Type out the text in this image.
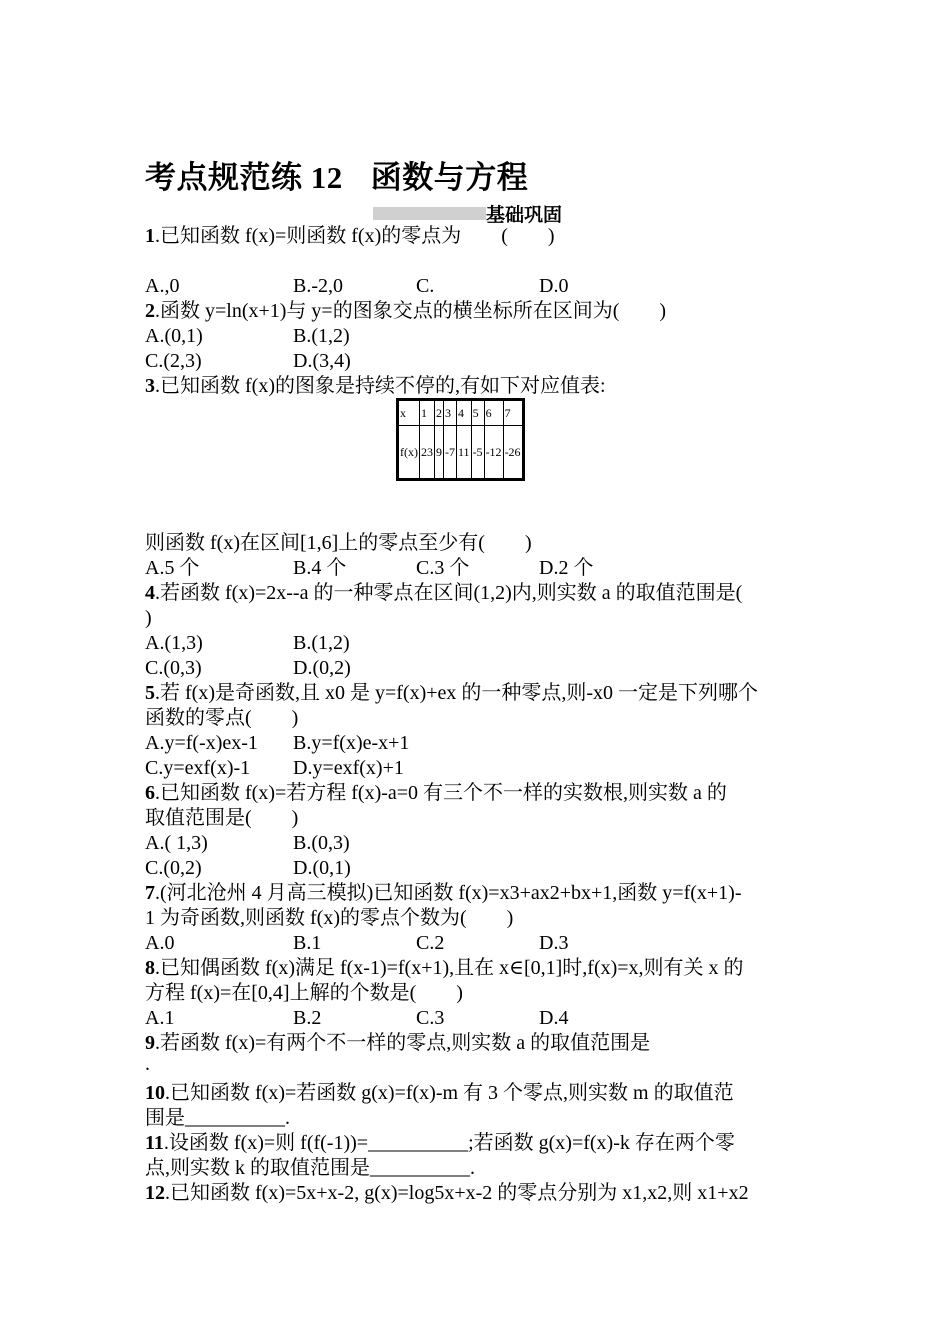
考点规范练 12 函数与方程
基础巩固
1.已知函数 f(x)=则函数 f(x)的零点为　　(　　)
A.,0	B.-2,0	C.	D.0
2.函数 y=ln(x+1)与 y=的图象交点的横坐标所在区间为(　　)
A.(0,1)	B.(1,2)
C.(2,3)	D.(3,4)
3.已知函数 f(x)的图象是持续不停的,有如下对应值表:
x	1	2	3	4	5	6	7
f(x)	23	9	-7	11	-5	-12	-26
则函数 f(x)在区间[1,6]上的零点至少有(　　)
A.5 个	B.4 个	C.3 个	D.2 个
4.若函数 f(x)=2x--a 的一种零点在区间(1,2)内,则实数 a 的取值范围是(
)
A.(1,3)	B.(1,2)
C.(0,3)	D.(0,2)
5.若 f(x)是奇函数,且 x0 是 y=f(x)+ex 的一种零点,则-x0 一定是下列哪个
函数的零点(　　)
A.y=f(-x)ex-1 B.y=f(x)e-x+1
C.y=exf(x)-1 D.y=exf(x)+1
6.已知函数 f(x)=若方程 f(x)-a=0 有三个不一样的实数根,则实数 a 的
取值范围是(　　)
A.( 1,3)	B.(0,3)
C.(0,2)	D.(0,1)
7.(河北沧州 4 月高三模拟)已知函数 f(x)=x3+ax2+bx+1,函数 y=f(x+1)-
1 为奇函数,则函数 f(x)的零点个数为(　　)
A.0	B.1	C.2	D.3
8.已知偶函数 f(x)满足 f(x-1)=f(x+1),且在 x∈[0,1]时,f(x)=x,则有关 x 的
方程 f(x)=在[0,4]上解的个数是(　　)
A.1	B.2	C.3	D.4
9.若函数 f(x)=有两个不一样的零点,则实数 a 的取值范围是
.
10.已知函数 f(x)=若函数 g(x)=f(x)-m 有 3 个零点,则实数 m 的取值范
围是__________.
11.设函数 f(x)=则 f(f(-1))=__________;若函数 g(x)=f(x)-k 存在两个零
点,则实数 k 的取值范围是__________.
12.已知函数 f(x)=5x+x-2, g(x)=log5x+x-2 的零点分别为 x1,x2,则 x1+x2
